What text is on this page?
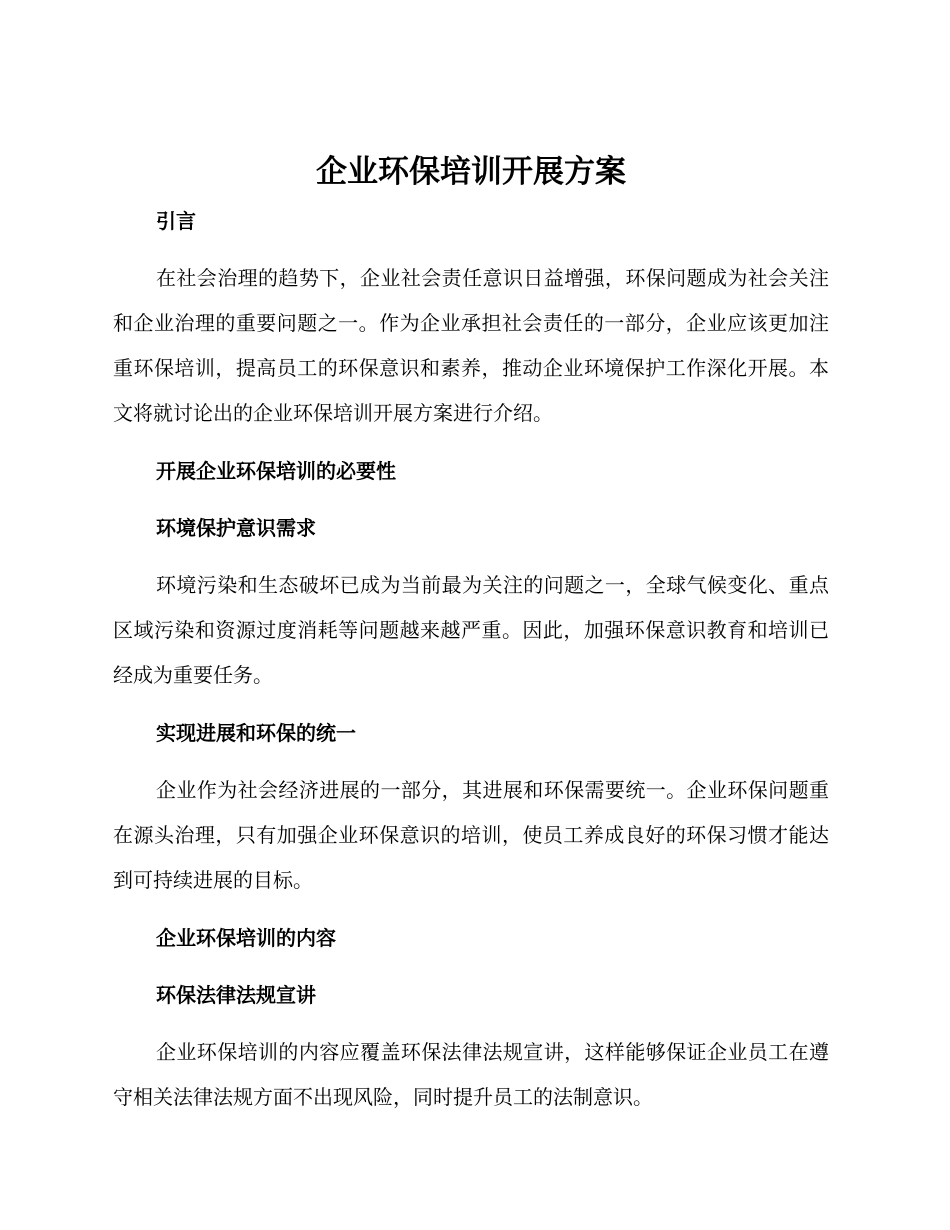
企业环保培训开展方案
引言

在社会治理的趋势下，企业社会责任意识日益增强，环保问题成为社会关注和企业治理的重要问题之一。作为企业承担社会责任的一部分，企业应该更加注重环保培训，提高员工的环保意识和素养，推动企业环境保护工作深化开展。本文将就讨论出的企业环保培训开展方案进行介绍。

开展企业环保培训的必要性
环境保护意识需求

环境污染和生态破坏已成为当前最为关注的问题之一，全球气候变化、重点区域污染和资源过度消耗等问题越来越严重。因此，加强环保意识教育和培训已经成为重要任务。

实现进展和环保的统一

企业作为社会经济进展的一部分，其进展和环保需要统一。企业环保问题重在源头治理，只有加强企业环保意识的培训，使员工养成良好的环保习惯才能达到可持续进展的目标。

企业环保培训的内容
环保法律法规宣讲

企业环保培训的内容应覆盖环保法律法规宣讲，这样能够保证企业员工在遵守相关法律法规方面不出现风险，同时提升员工的法制意识。
